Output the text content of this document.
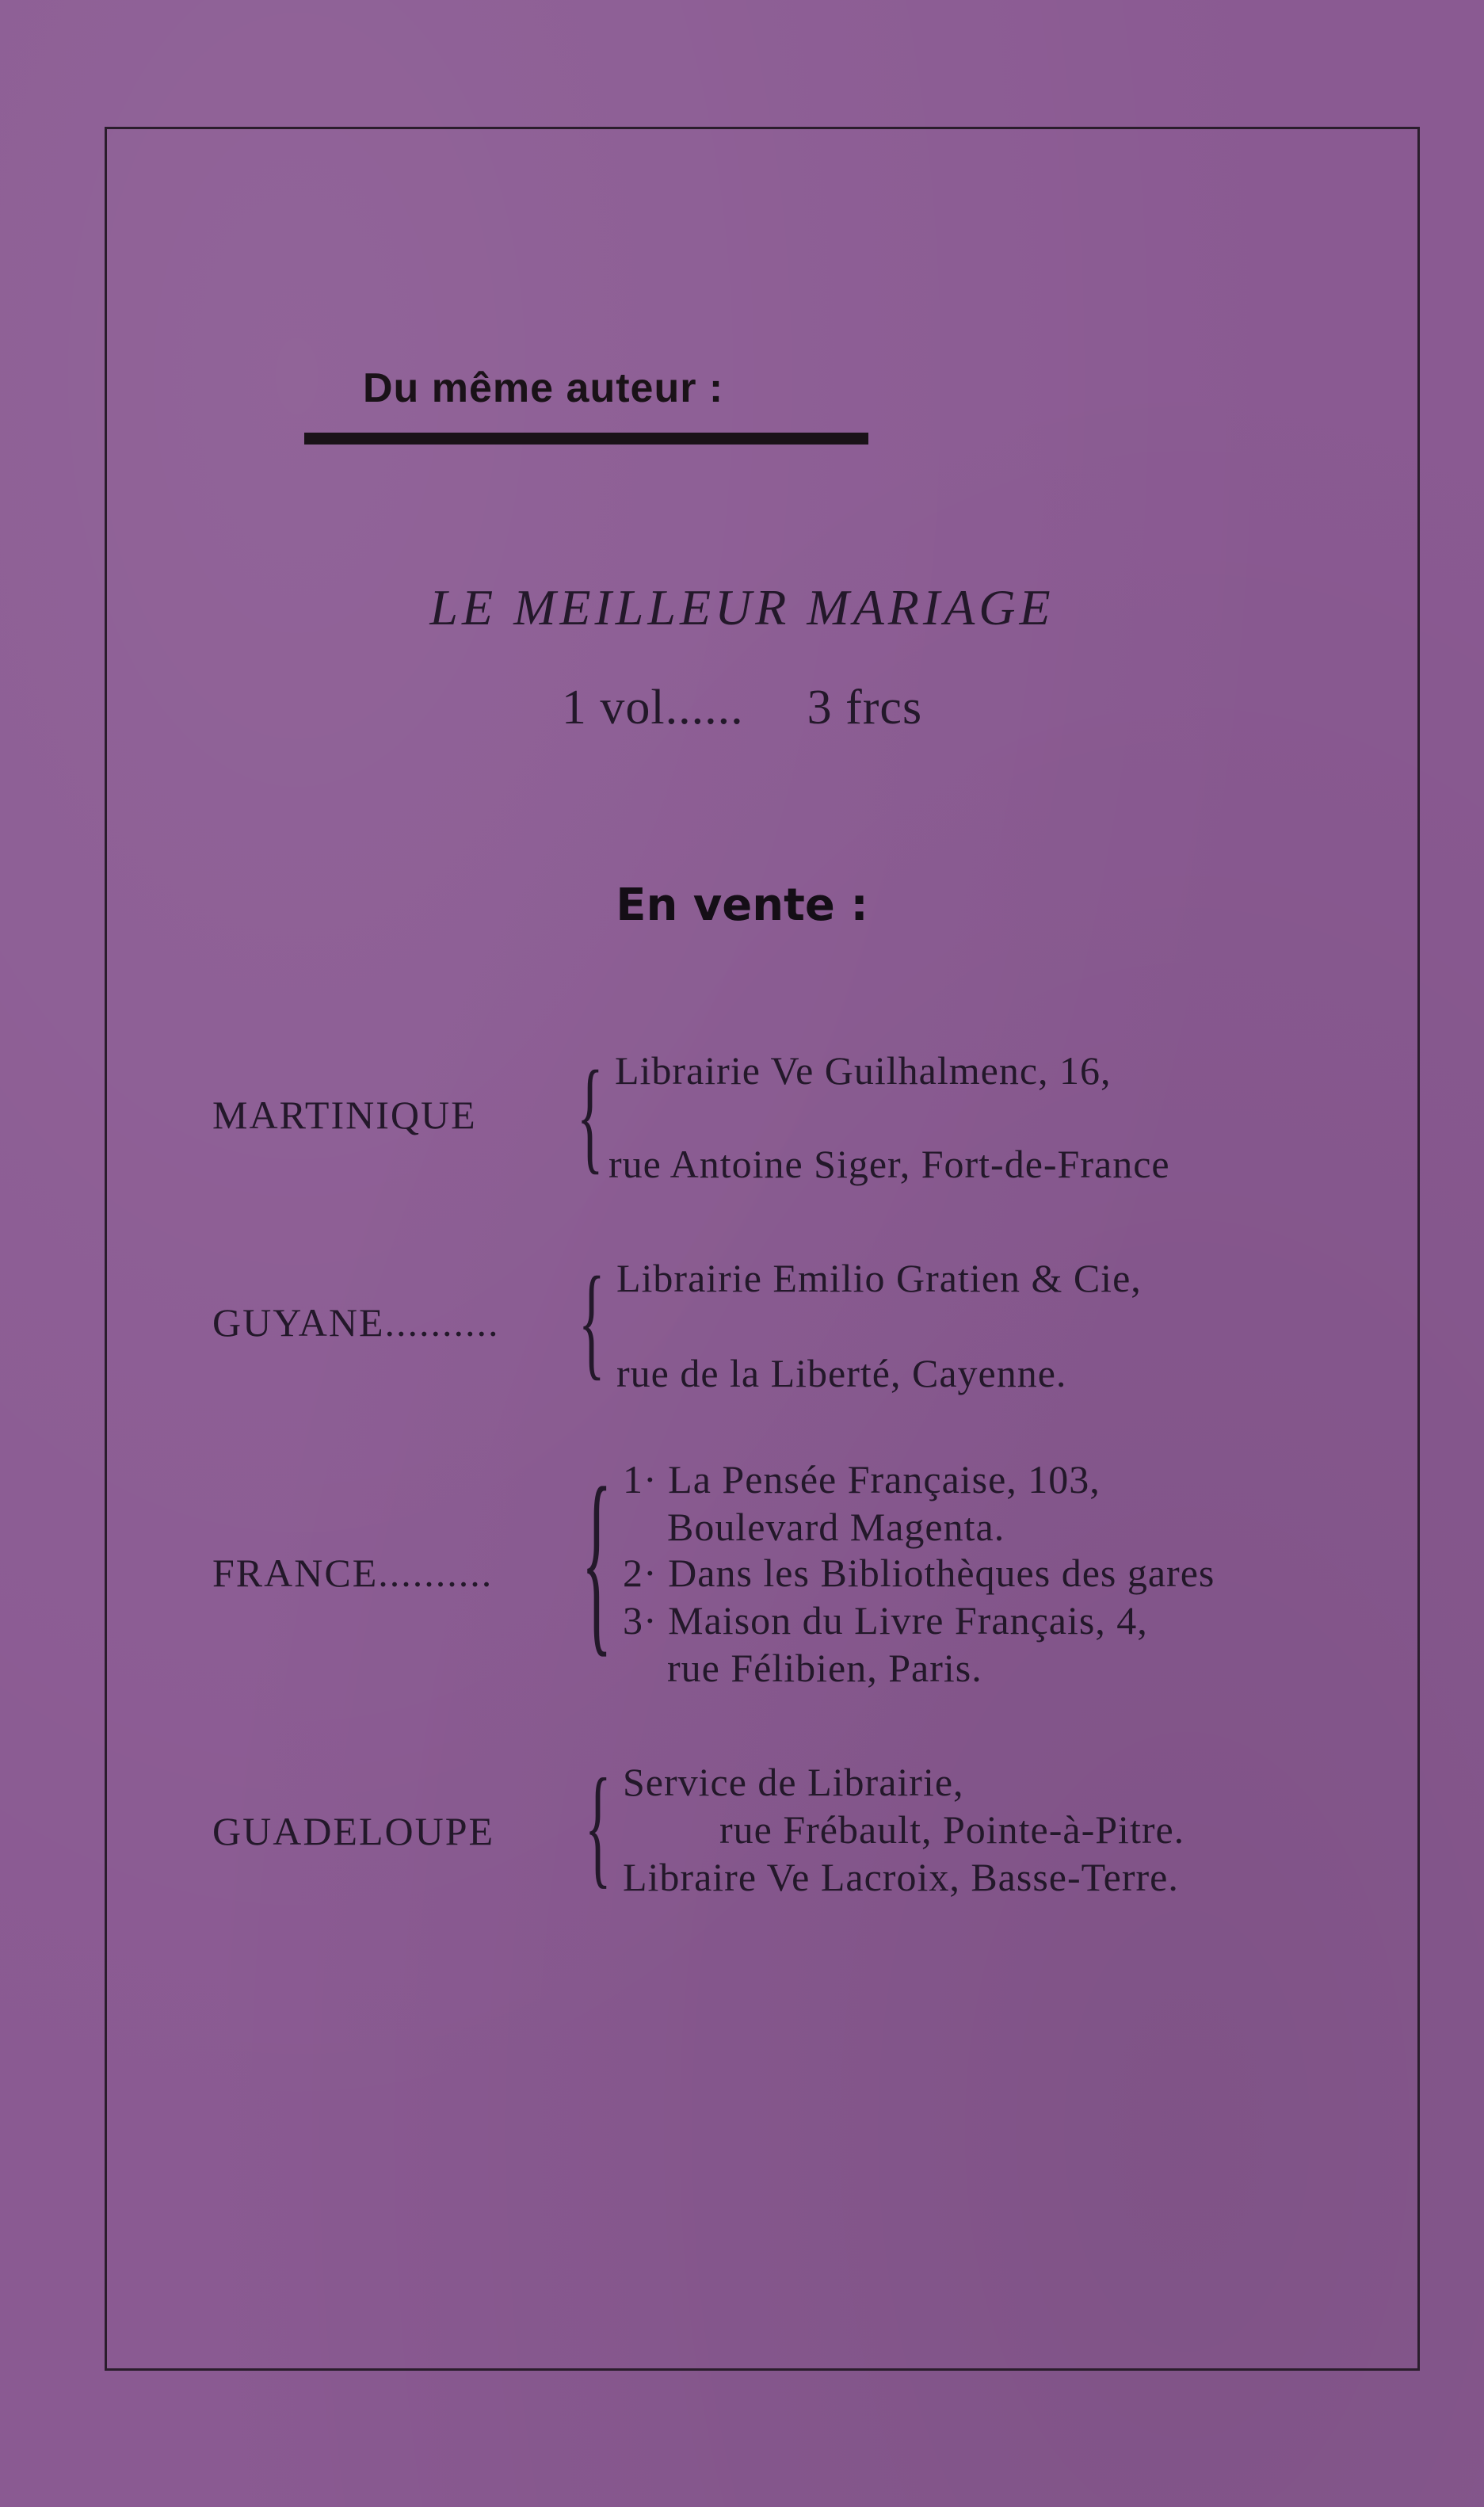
Du même auteur :
LE MEILLEUR MARIAGE
1 vol...... 3 frcs
En vente :
MARTINIQUE { Librairie Ve Guilhalmenc, 16,
rue Antoine Siger, Fort-de-France
GUYANE.......... { Librairie Emilio Gratien & Cie,
rue de la Liberté, Cayenne.
FRANCE.......... { 1· La Pensée Française, 103,
Boulevard Magenta.
2· Dans les Bibliothèques des gares
3· Maison du Livre Français, 4,
rue Félibien, Paris.
GUADELOUPE { Service de Librairie,
rue Frébault, Pointe-à-Pitre.
Libraire Ve Lacroix, Basse-Terre.
